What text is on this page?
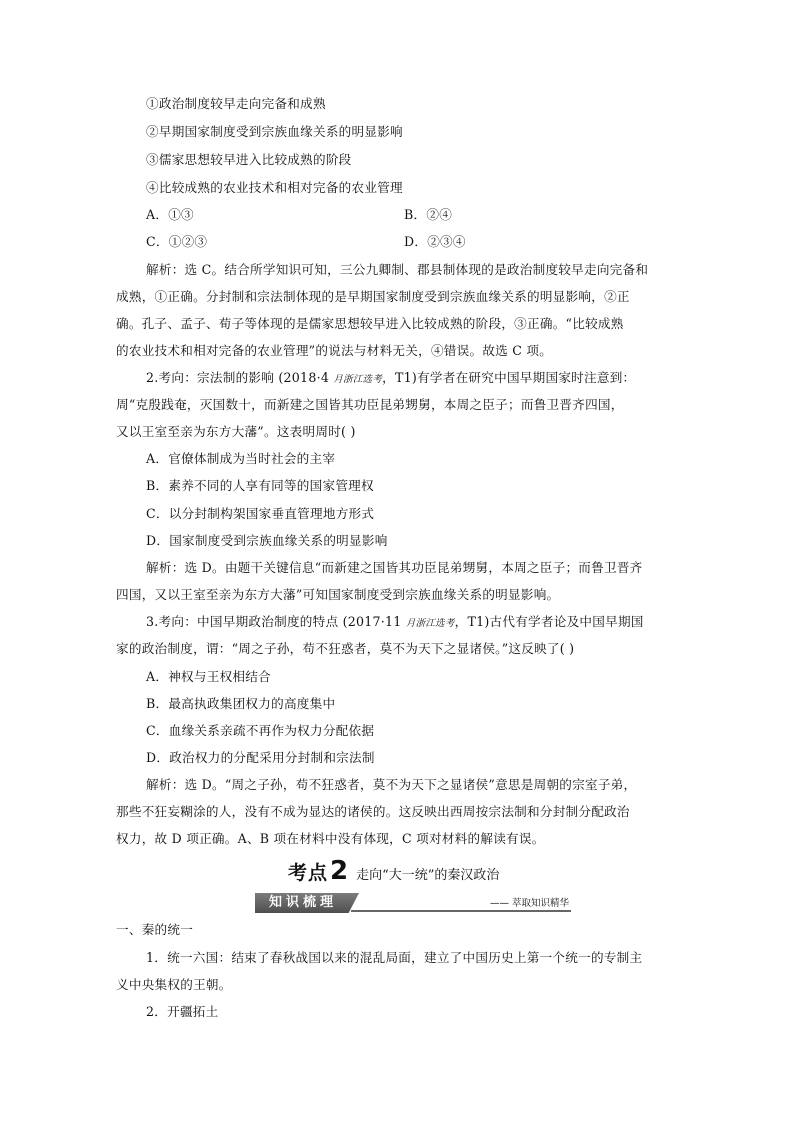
①政治制度较早走向完备和成熟
②早期国家制度受到宗族血缘关系的明显影响
③儒家思想较早进入比较成熟的阶段
④比较成熟的农业技术和相对完备的农业管理
A．①③	B．②④
C．①②③	D．②③④
解析：选 C。结合所学知识可知，三公九卿制、郡县制体现的是政治制度较早走向完备和
成熟，①正确。分封制和宗法制体现的是早期国家制度受到宗族血缘关系的明显影响，②正
确。孔子、孟子、荀子等体现的是儒家思想较早进入比较成熟的阶段，③正确。“比较成熟
的农业技术和相对完备的农业管理”的说法与材料无关，④错误。故选 C 项。
2.考向：宗法制的影响 (2018·4 月浙江选考，T1)有学者在研究中国早期国家时注意到：
周“克殷践奄，灭国数十，而新建之国皆其功臣昆弟甥舅，本周之臣子；而鲁卫晋齐四国，
又以王室至亲为东方大藩”。这表明周时( )
A．官僚体制成为当时社会的主宰
B．素养不同的人享有同等的国家管理权
C．以分封制构架国家垂直管理地方形式
D．国家制度受到宗族血缘关系的明显影响
解析：选 D。由题干关键信息“而新建之国皆其功臣昆弟甥舅，本周之臣子；而鲁卫晋齐
四国，又以王室至亲为东方大藩”可知国家制度受到宗族血缘关系的明显影响。
3.考向：中国早期政治制度的特点 (2017·11 月浙江选考，T1)古代有学者论及中国早期国
家的政治制度，谓：“周之子孙，苟不狂惑者，莫不为天下之显诸侯。”这反映了( )
A．神权与王权相结合
B．最高执政集团权力的高度集中
C．血缘关系亲疏不再作为权力分配依据
D．政治权力的分配采用分封制和宗法制
解析：选 D。“周之子孙，苟不狂惑者，莫不为天下之显诸侯”意思是周朝的宗室子弟，
那些不狂妄糊涂的人，没有不成为显达的诸侯的。这反映出西周按宗法制和分封制分配政治
权力，故 D 项正确。A、B 项在材料中没有体现，C 项对材料的解读有误。
考点 2 走向“大一统”的秦汉政治
知识梳理	—— 萃取知识精华
一、秦的统一
1．统一六国：结束了春秋战国以来的混乱局面，建立了中国历史上第一个统一的专制主
义中央集权的王朝。
2．开疆拓土
